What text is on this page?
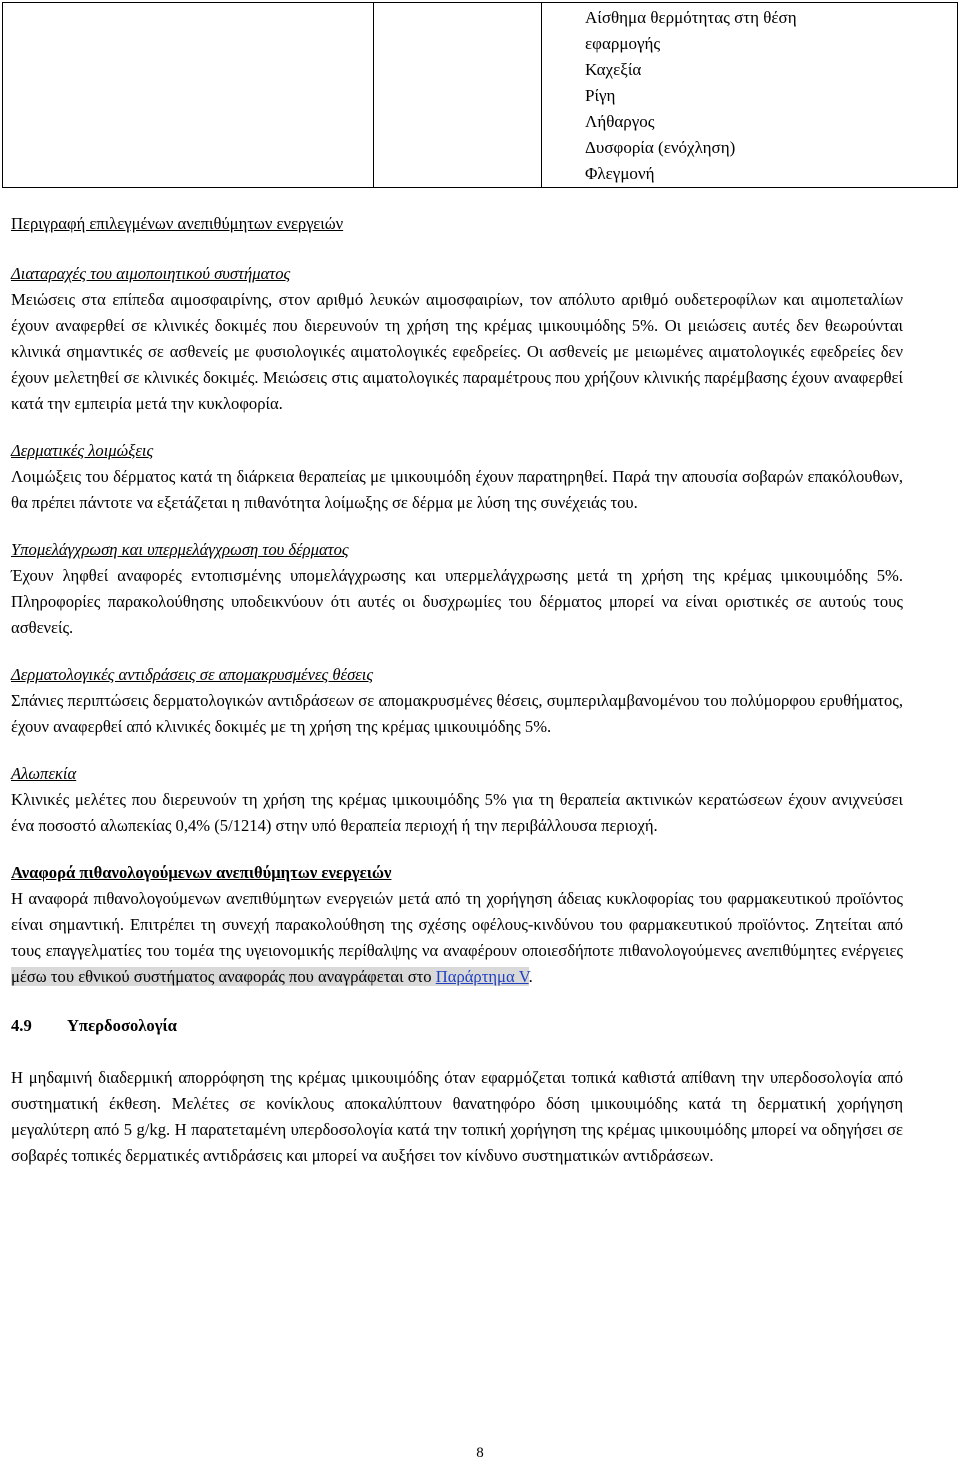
Αίσθημα θερμότητας στη θέση
εφαρμογής
Καχεξία
Ρίγη
Λήθαργος
Δυσφορία (ενόχληση)
Φλεγμονή

Περιγραφή επιλεγμένων ανεπιθύμητων ενεργειών

Διαταραχές του αιμοποιητικού συστήματος

Μειώσεις στα επίπεδα αιμοσφαιρίνης, στον αριθμό λευκών αιμοσφαιρίων, τον απόλυτο αριθμό ουδετεροφίλων και αιμοπεταλίων έχουν αναφερθεί σε κλινικές δοκιμές που διερευνούν τη χρήση της κρέμας ιμικουιμόδης 5%. Οι μειώσεις αυτές δεν θεωρούνται κλινικά σημαντικές σε ασθενείς με φυσιολογικές αιματολογικές εφεδρείες. Οι ασθενείς με μειωμένες αιματολογικές εφεδρείες δεν έχουν μελετηθεί σε κλινικές δοκιμές. Μειώσεις στις αιματολογικές παραμέτρους που χρήζουν κλινικής παρέμβασης έχουν αναφερθεί κατά την εμπειρία μετά την κυκλοφορία.

Δερματικές λοιμώξεις

Λοιμώξεις του δέρματος κατά τη διάρκεια θεραπείας με ιμικουιμόδη έχουν παρατηρηθεί. Παρά την απουσία σοβαρών επακόλουθων, θα πρέπει πάντοτε να εξετάζεται η πιθανότητα λοίμωξης σε δέρμα με λύση της συνέχειάς του.

Υπομελάγχρωση και υπερμελάγχρωση του δέρματος

Έχουν ληφθεί αναφορές εντοπισμένης υπομελάγχρωσης και υπερμελάγχρωσης μετά τη χρήση της κρέμας ιμικουιμόδης 5%. Πληροφορίες παρακολούθησης υποδεικνύουν ότι αυτές οι δυσχρωμίες του δέρματος μπορεί να είναι οριστικές σε αυτούς τους ασθενείς.

Δερματολογικές αντιδράσεις σε απομακρυσμένες θέσεις

Σπάνιες περιπτώσεις δερματολογικών αντιδράσεων σε απομακρυσμένες θέσεις, συμπεριλαμβανομένου του πολύμορφου ερυθήματος, έχουν αναφερθεί από κλινικές δοκιμές με τη χρήση της κρέμας ιμικουιμόδης 5%.

Αλωπεκία

Κλινικές μελέτες που διερευνούν τη χρήση της κρέμας ιμικουιμόδης 5% για τη θεραπεία ακτινικών κερατώσεων έχουν ανιχνεύσει ένα ποσοστό αλωπεκίας 0,4% (5/1214) στην υπό θεραπεία περιοχή ή την περιβάλλουσα περιοχή.

Αναφορά πιθανολογούμενων ανεπιθύμητων ενεργειών

Η αναφορά πιθανολογούμενων ανεπιθύμητων ενεργειών μετά από τη χορήγηση άδειας κυκλοφορίας του φαρμακευτικού προϊόντος είναι σημαντική. Επιτρέπει τη συνεχή παρακολούθηση της σχέσης οφέλους-κινδύνου του φαρμακευτικού προϊόντος. Ζητείται από τους επαγγελματίες του τομέα της υγειονομικής περίθαλψης να αναφέρουν οποιεσδήποτε πιθανολογούμενες ανεπιθύμητες ενέργειες μέσω του εθνικού συστήματος αναφοράς που αναγράφεται στο Παράρτημα V.

4.9 Υπερδοσολογία

Η μηδαμινή διαδερμική απορρόφηση της κρέμας ιμικουιμόδης όταν εφαρμόζεται τοπικά καθιστά απίθανη την υπερδοσολογία από συστηματική έκθεση. Μελέτες σε κονίκλους αποκαλύπτουν θανατηφόρο δόση ιμικουιμόδης κατά τη δερματική χορήγηση μεγαλύτερη από 5 g/kg. Η παρατεταμένη υπερδοσολογία κατά την τοπική χορήγηση της κρέμας ιμικουιμόδης μπορεί να οδηγήσει σε σοβαρές τοπικές δερματικές αντιδράσεις και μπορεί να αυξήσει τον κίνδυνο συστηματικών αντιδράσεων.

8
